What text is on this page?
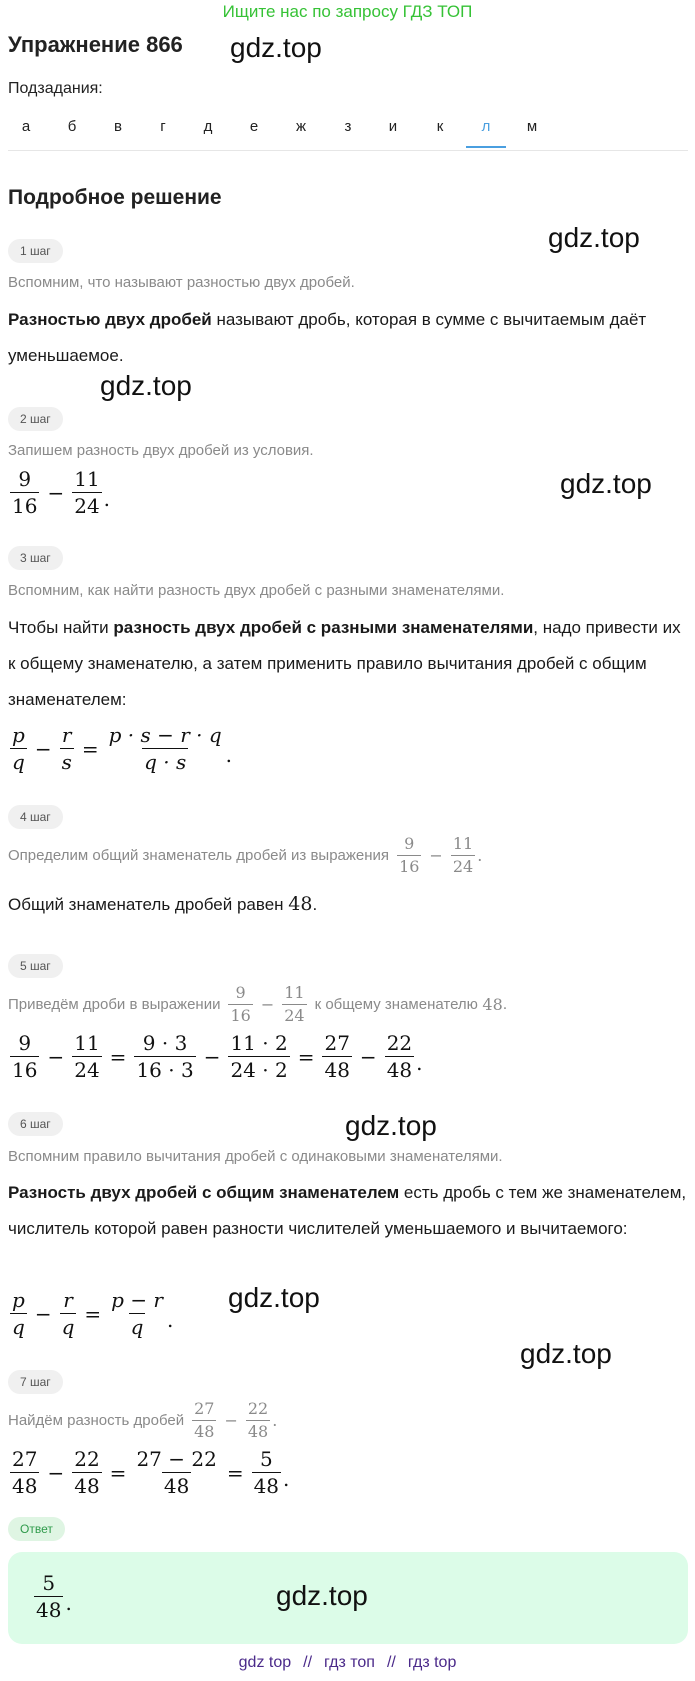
Ищите нас по запросу ГДЗ ТОП
Упражнение 866 gdz.top
Подзадания:
а	б	в	г	д	е	ж	з	и	к	л	м
Подробное решение
gdz.top
1 шаг
Вспомним, что называют разностью двух дробей.
Разностью двух дробей называют дробь, которая в сумме с вычитаемым даёт уменьшаемое.
gdz.top
2 шаг
Запишем разность двух дробей из условия.
$\frac{9}{16} - \frac{11}{24}$ .	gdz.top
3 шаг
Вспомним, как найти разность двух дробей с разными знаменателями.
Чтобы найти разность двух дробей с разными знаменателями, надо привести их к общему знаменателю, а затем применить правило вычитания дробей с общим знаменателем:
$\frac{p}{q} - \frac{r}{s} = \frac{p \cdot s - r \cdot q}{q \cdot s}$ .
4 шаг
Определим общий знаменатель дробей из выражения $\frac{9}{16} - \frac{11}{24}$ .
Общий знаменатель дробей равен 48.
5 шаг
Приведём дроби в выражении $\frac{9}{16} - \frac{11}{24}$ к общему знаменателю
48 .
$\frac{9}{16} - \frac{11}{24} = \frac{9 \cdot 3}{16 \cdot 3} - \frac{11 \cdot 2}{24 \cdot 2} = \frac{27}{48} - \frac{22}{48}$ .
6 шаг	gdz.top
Вспомним правило вычитания дробей с одинаковыми знаменателями.
Разность двух дробей с общим знаменателем есть дробь с тем же знаменателем, числитель которой равен разности числителей уменьшаемого и вычитаемого:
$\frac{p}{q} - \frac{r}{q} = \frac{p - r}{q}$ .
gdz.top
gdz.top
7 шаг
Найдём разность дробей $\frac{27}{48} - \frac{22}{48}$ .
$\frac{27}{48} - \frac{22}{48} = \frac{27 - 22}{48} = \frac{5}{48}$ .
Ответ
$\frac{5}{48}$ .	gdz.top
gdz top // гдз топ // гдз top
